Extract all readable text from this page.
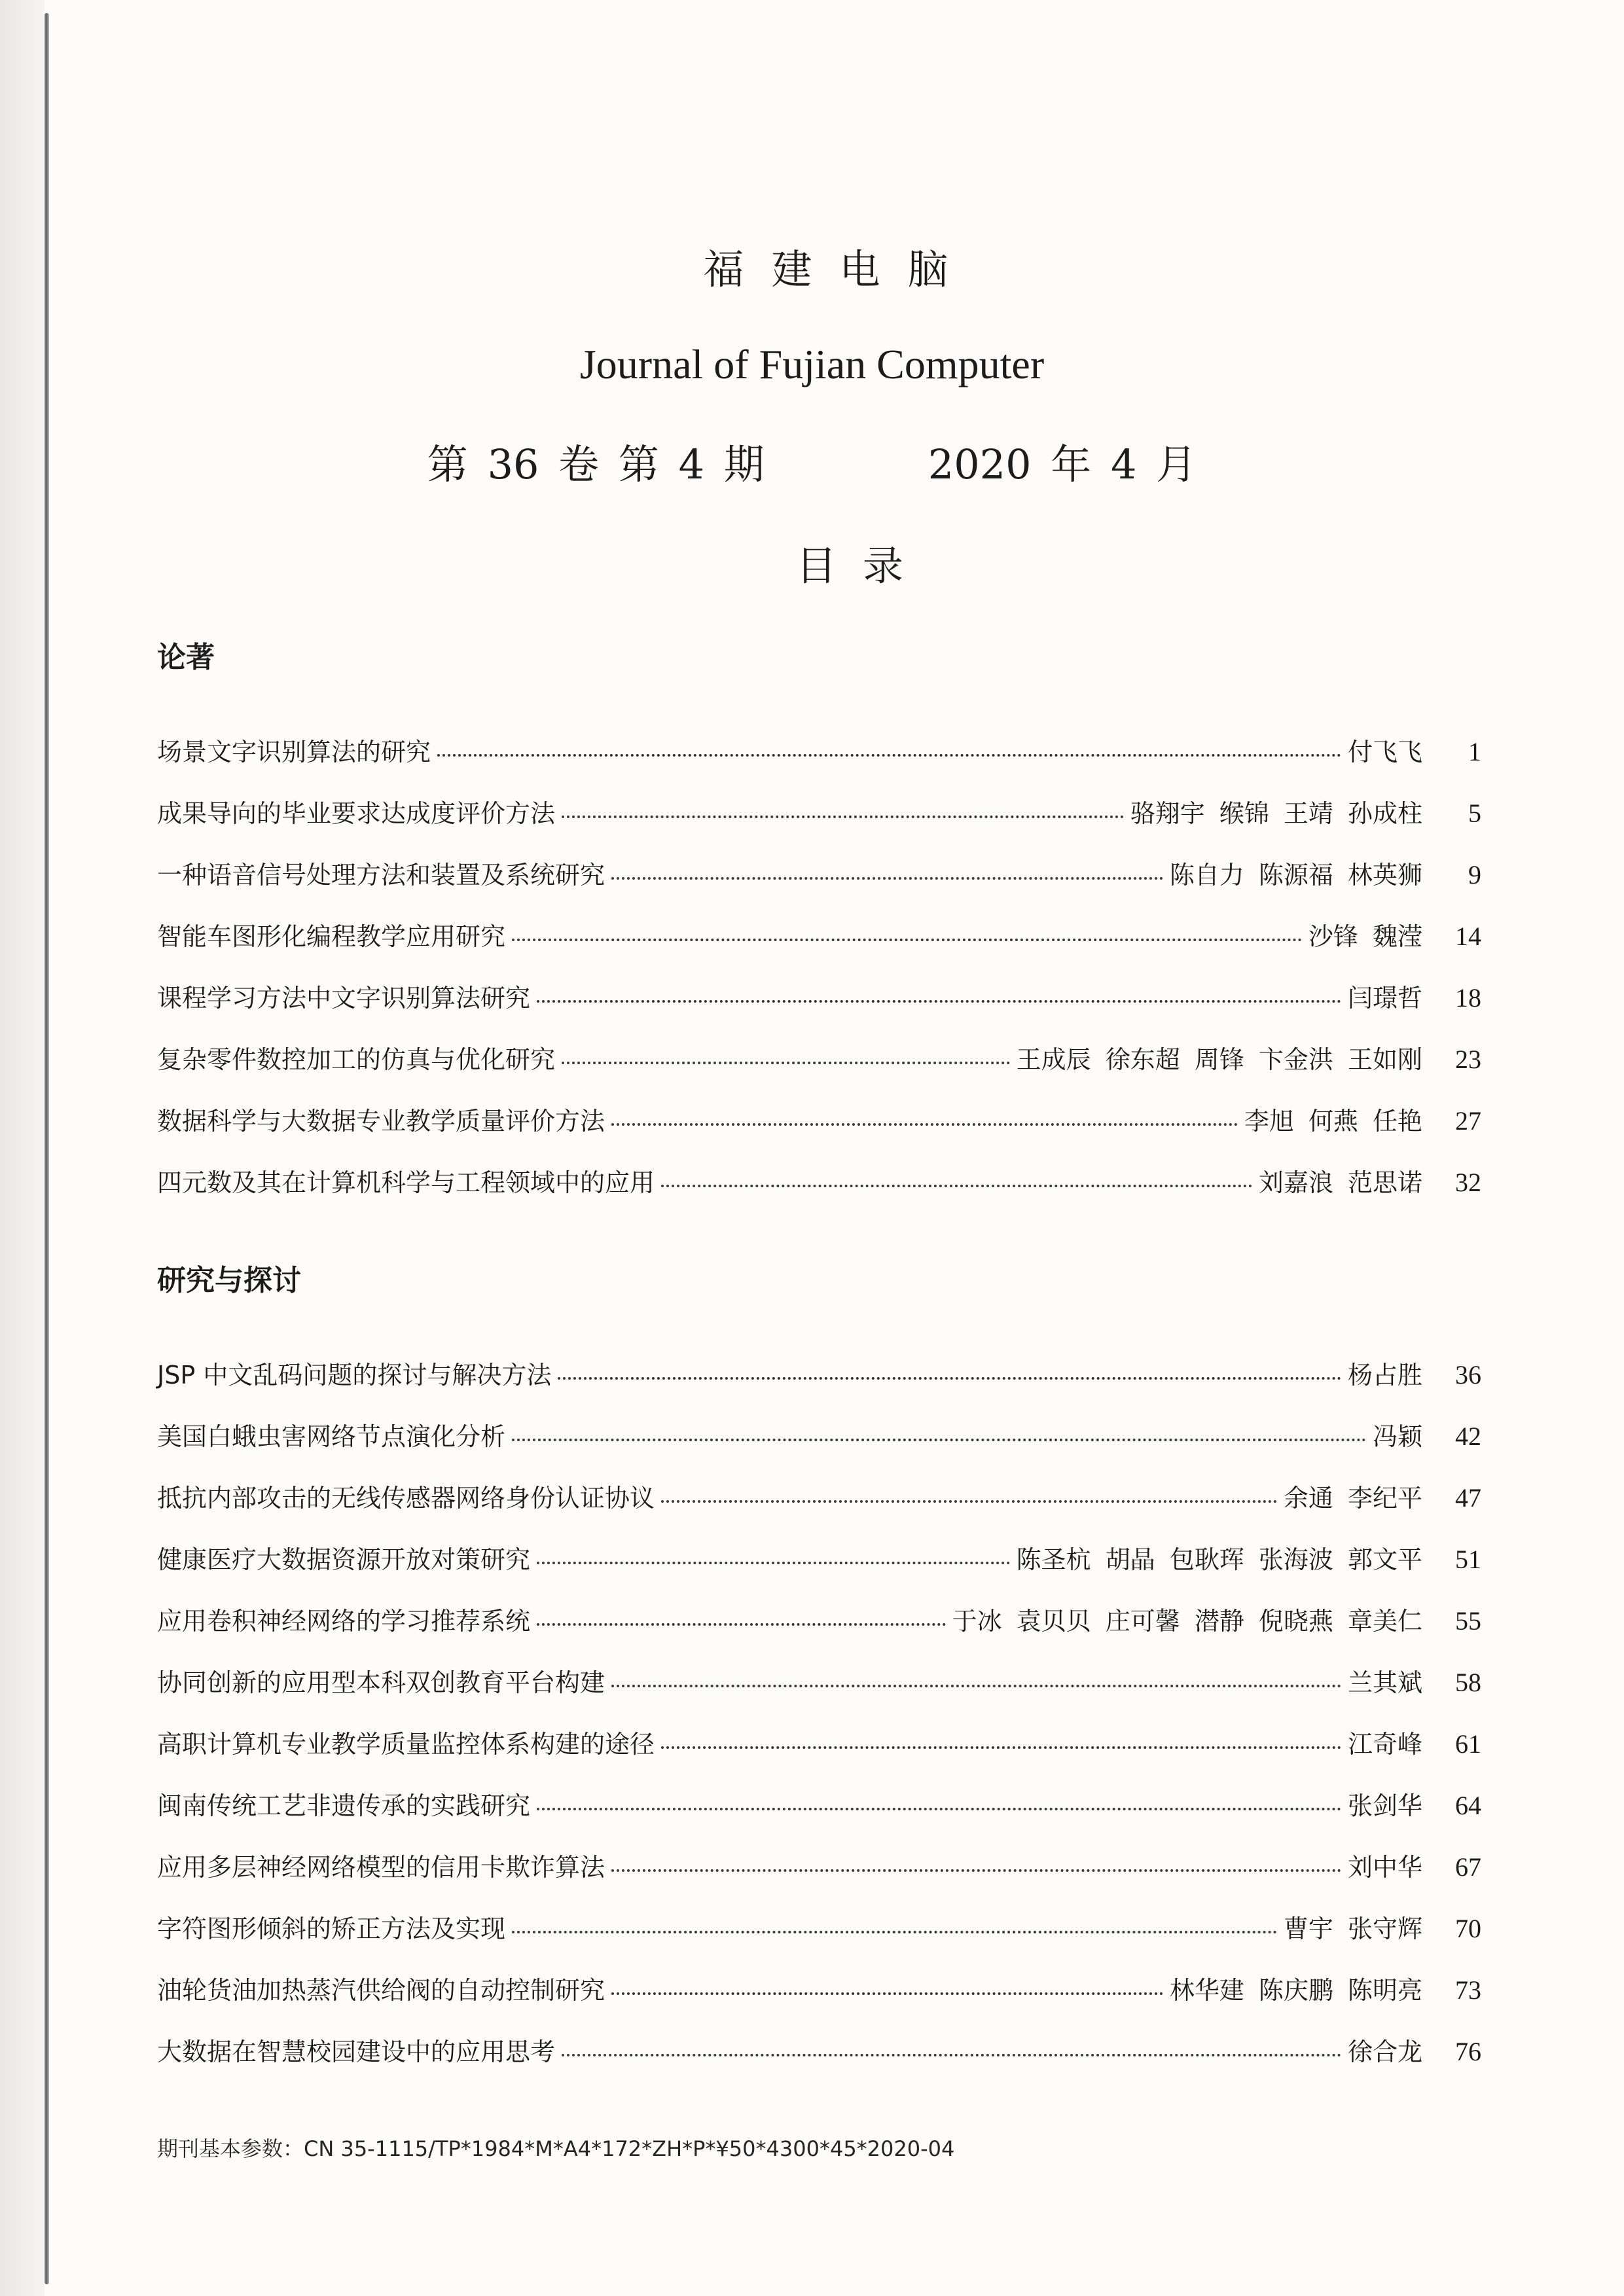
福建电脑
Journal of Fujian Computer
第 36 卷 第 4 期	2020 年 4 月
目录
论著
场景文字识别算法的研究	付飞飞	1
成果导向的毕业要求达成度评价方法	骆翔宇 缑锦 王靖 孙成柱	5
一种语音信号处理方法和装置及系统研究	陈自力 陈源福 林英狮	9
智能车图形化编程教学应用研究	沙锋 魏滢	14
课程学习方法中文字识别算法研究	闫璟哲	18
复杂零件数控加工的仿真与优化研究	王成辰 徐东超 周锋 卞金洪 王如刚	23
数据科学与大数据专业教学质量评价方法	李旭 何燕 任艳	27
四元数及其在计算机科学与工程领域中的应用	刘嘉浪 范思诺	32
研究与探讨
JSP 中文乱码问题的探讨与解决方法	杨占胜	36
美国白蛾虫害网络节点演化分析	冯颖	42
抵抗内部攻击的无线传感器网络身份认证协议	余通 李纪平	47
健康医疗大数据资源开放对策研究	陈圣杭 胡晶 包耿珲 张海波 郭文平	51
应用卷积神经网络的学习推荐系统	于冰 袁贝贝 庄可馨 潜静 倪晓燕 章美仁	55
协同创新的应用型本科双创教育平台构建	兰其斌	58
高职计算机专业教学质量监控体系构建的途径	江奇峰	61
闽南传统工艺非遗传承的实践研究	张剑华	64
应用多层神经网络模型的信用卡欺诈算法	刘中华	67
字符图形倾斜的矫正方法及实现	曹宇 张守辉	70
油轮货油加热蒸汽供给阀的自动控制研究	林华建 陈庆鹏 陈明亮	73
大数据在智慧校园建设中的应用思考	徐合龙	76
期刊基本参数：CN 35-1115/TP*1984*M*A4*172*ZH*P*¥50*4300*45*2020-04
